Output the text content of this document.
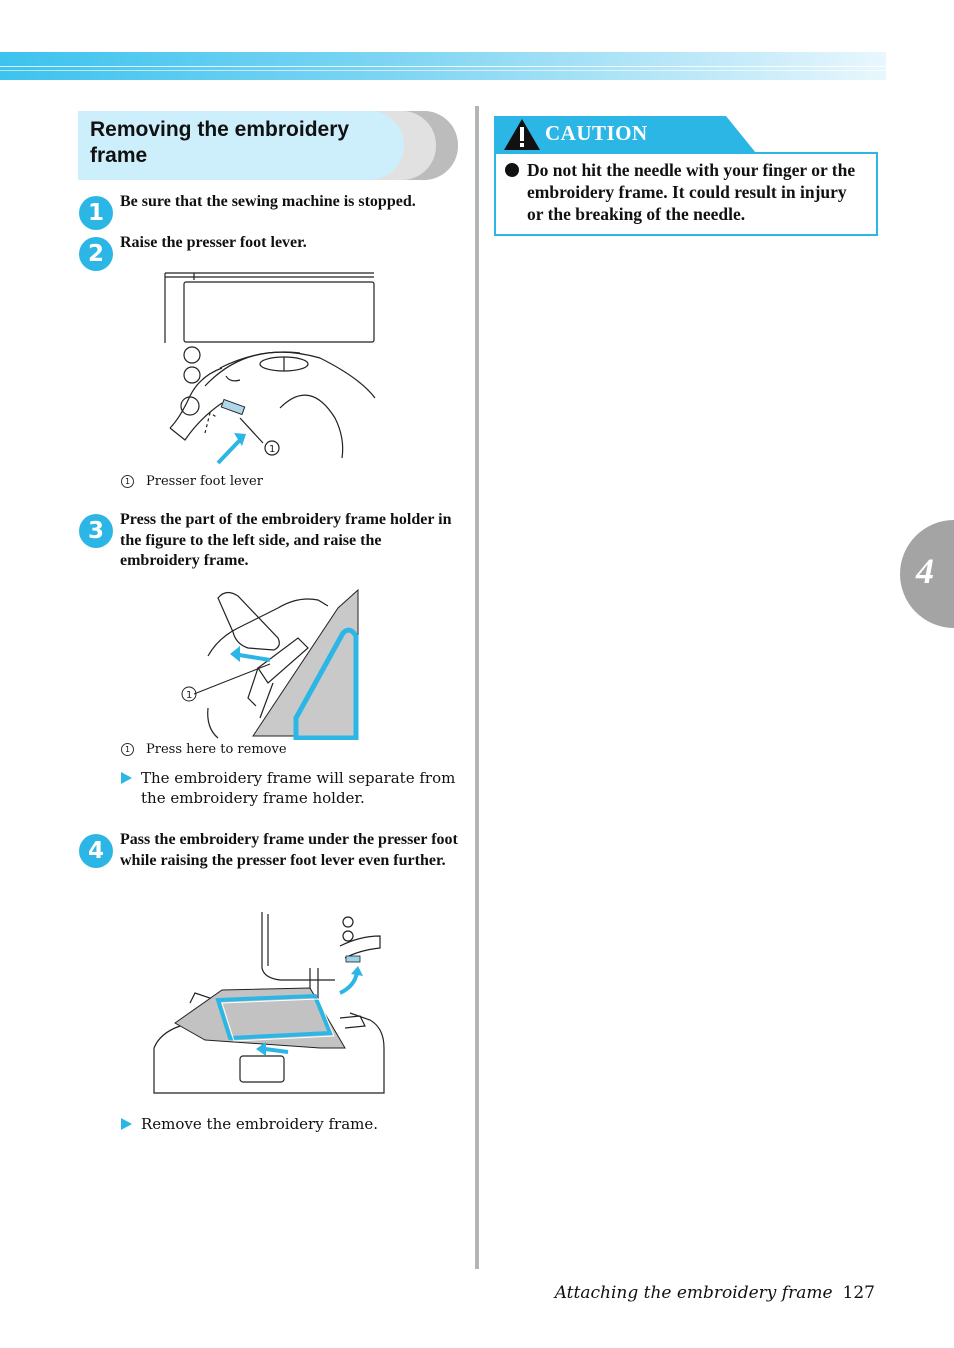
Removing the embroidery frame
1	Be sure that the sewing machine is stopped.
2	Raise the presser foot lever.
1
1 Presser foot lever
3	Press the part of the embroidery frame holder in the figure to the left side, and raise the embroidery frame.
1
1 Press here to remove
The embroidery frame will separate from the embroidery frame holder.
4	Pass the embroidery frame under the presser foot while raising the presser foot lever even further.
Remove the embroidery frame.
CAUTION
Do not hit the needle with your finger or the embroidery frame. It could result in injury or the breaking of the needle.
4
Attaching the embroidery frame 127
